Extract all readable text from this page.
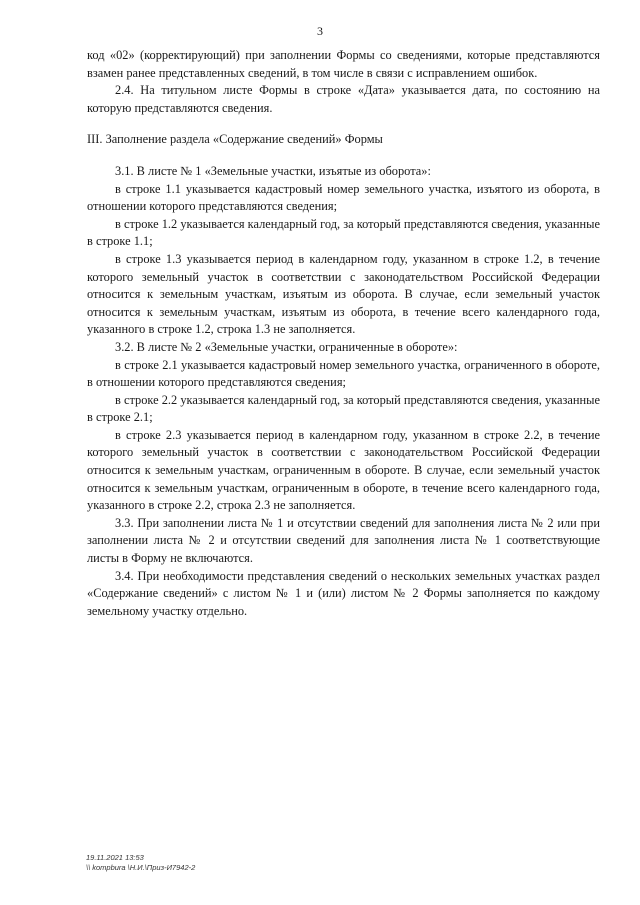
3

код «02» (корректирующий) при заполнении Формы со сведениями, которые представляются взамен ранее представленных сведений, в том числе в связи с исправлением ошибок.

2.4. На титульном листе Формы в строке «Дата» указывается дата, по состоянию на которую представляются сведения.

III. Заполнение раздела «Содержание сведений» Формы

3.1. В листе № 1 «Земельные участки, изъятые из оборота»:

в строке 1.1 указывается кадастровый номер земельного участка, изъятого из оборота, в отношении которого представляются сведения;

в строке 1.2 указывается календарный год, за который представляются сведения, указанные в строке 1.1;

в строке 1.3 указывается период в календарном году, указанном в строке 1.2, в течение которого земельный участок в соответствии с законодательством Российской Федерации относится к земельным участкам, изъятым из оборота. В случае, если земельный участок относится к земельным участкам, изъятым из оборота, в течение всего календарного года, указанного в строке 1.2, строка 1.3 не заполняется.

3.2. В листе № 2 «Земельные участки, ограниченные в обороте»:

в строке 2.1 указывается кадастровый номер земельного участка, ограниченного в обороте, в отношении которого представляются сведения;

в строке 2.2 указывается календарный год, за который представляются сведения, указанные в строке 2.1;

в строке 2.3 указывается период в календарном году, указанном в строке 2.2, в течение которого земельный участок в соответствии с законодательством Российской Федерации относится к земельным участкам, ограниченным в обороте. В случае, если земельный участок относится к земельным участкам, ограниченным в обороте, в течение всего календарного года, указанного в строке 2.2, строка 2.3 не заполняется.

3.3. При заполнении листа № 1 и отсутствии сведений для заполнения листа № 2 или при заполнении листа № 2 и отсутствии сведений для заполнения листа № 1 соответствующие листы в Форму не включаются.

3.4. При необходимости представления сведений о нескольких земельных участках раздел «Содержание сведений» с листом № 1 и (или) листом № 2 Формы заполняется по каждому земельному участку отдельно.

19.11.2021 13:53
\\ kompbura \Н.И.\Приз-И7942-2
